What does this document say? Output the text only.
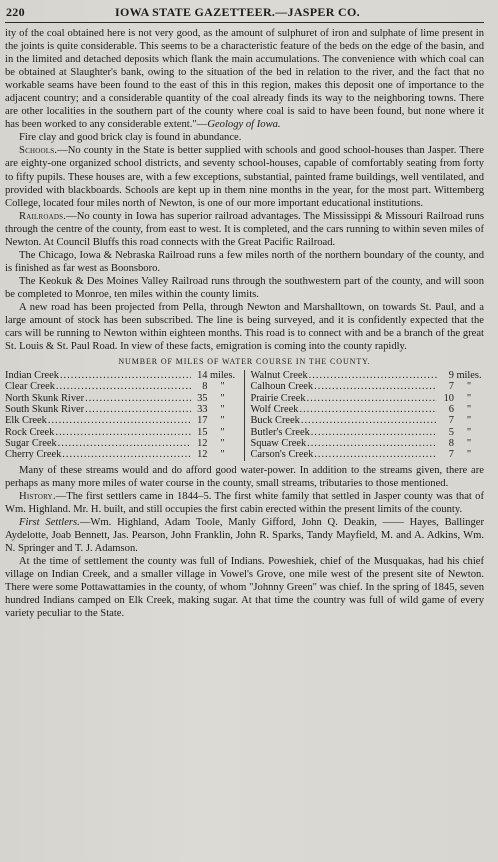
220	IOWA STATE GAZETTEER.—JASPER CO.

ity of the coal obtained here is not very good, as the amount of sulphuret of iron and sulphate of lime present in the joints is quite considerable. This seems to be a characteristic feature of the beds on the edge of the basin, and in the limited and detached deposits which flank the main accumulations. The convenience with which coal can be obtained at Slaughter's bank, owing to the situation of the bed in relation to the river, and the fact that no workable seams have been found to the east of this in this region, makes this deposit one of importance to the adjacent country; and a considerable quantity of the coal already finds its way to the neighboring towns. There are other localities in the southern part of the county where coal is said to have been found, but none where it has been worked to any considerable extent."—Geology of Iowa.

Fire clay and good brick clay is found in abundance.

Schools.—No county in the State is better supplied with schools and good school-houses than Jasper. There are eighty-one organized school districts, and seventy school-houses, capable of comfortably seating from forty to fifty pupils. These houses are, with a few exceptions, substantial, painted frame buildings, well ventilated, and provided with blackboards. Schools are kept up in them nine months in the year, for the most part. Wittemberg College, located four miles north of Newton, is one of our more important educational institutions.

Railroads.—No county in Iowa has superior railroad advantages. The Mississippi & Missouri Railroad runs through the centre of the county, from east to west. It is completed, and the cars running to within seven miles of Newton. At Council Bluffs this road connects with the Great Pacific Railroad.

The Chicago, Iowa & Nebraska Railroad runs a few miles north of the northern boundary of the county, and is finished as far west as Boonsboro.

The Keokuk & Des Moines Valley Railroad runs through the southwestern part of the county, and will soon be completed to Monroe, ten miles within the county limits.

A new road has been projected from Pella, through Newton and Marshalltown, on towards St. Paul, and a large amount of stock has been subscribed. The line is being surveyed, and it is confidently expected that the cars will be running to Newton within eighteen months. This road is to connect with and be a branch of the great St. Louis & St. Paul Road. In view of these facts, emigration is coming into the county rapidly.

NUMBER OF MILES OF WATER COURSE IN THE COUNTY.
Indian Creek .....	14 miles.
Clear Creek .....	8	"
North Skunk River .....	35	"
South Skunk River .....	33	"
Elk Creek .....	17	"
Rock Creek .....	15	"
Sugar Creek .....	12	"
Cherry Creek .....	12	"
Walnut Creek .....	9 miles.
Calhoun Creek .....	7	"
Prairie Creek .....	10	"
Wolf Creek .....	6	"
Buck Creek .....	7	"
Butler's Creek .....	5	"
Squaw Creek .....	8	"
Carson's Creek .....	7	"

Many of these streams would and do afford good water-power. In addition to the streams given, there are perhaps as many more miles of water course in the county, small streams, tributaries to those mentioned.

History.—The first settlers came in 1844–5. The first white family that settled in Jasper county was that of Wm. Highland. Mr. H. built, and still occupies the first cabin erected within the present limits of the county.

First Settlers.—Wm. Highland, Adam Toole, Manly Gifford, John Q. Deakin, —— Hayes, Ballinger Aydelotte, Joab Bennett, Jas. Pearson, John Franklin, John R. Sparks, Tandy Mayfield, M. and A. Adkins, Wm. N. Springer and T. J. Adamson.

At the time of settlement the county was full of Indians. Poweshiek, chief of the Musquakas, had his chief village on Indian Creek, and a smaller village in Vowel's Grove, one mile west of the present site of Newton. There were some Pottawattamies in the county, of whom "Johnny Green" was chief. In the spring of 1845, seven hundred Indians camped on Elk Creek, making sugar. At that time the country was full of wild game of every variety peculiar to the State.
